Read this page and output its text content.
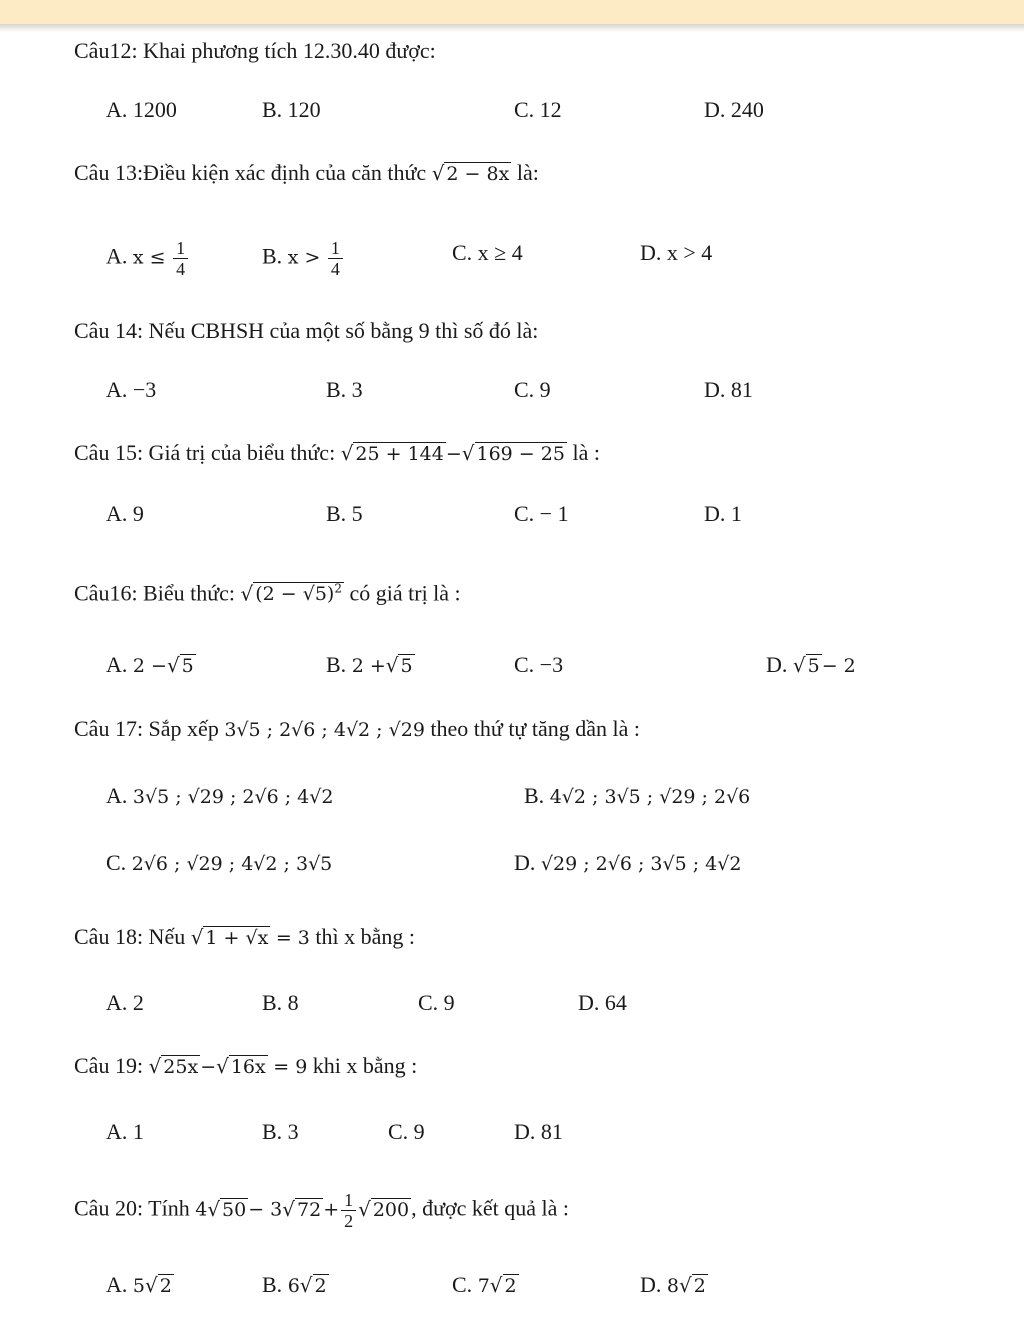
Câu12: Khai phương tích 12.30.40 được:
A. 1200	B. 120	C. 12	D. 240
Câu 13:Điều kiện xác định của căn thức √ 2 − 8x là:
A. $x \le \frac{1}{4}$	B. $x > \frac{1}{4}$	C. x ≥ 4	D. x > 4
Câu 14: Nếu CBHSH của một số bằng 9 thì số đó là:
A. −3	B. 3	C. 9	D. 81
Câu 15: Giá trị của biểu thức: √ 25 + 144 −√ 169 − 25 là :
A. 9	B. 5	C. − 1	D. 1
Câu16: Biểu thức: √ $(2 - √5)^2$ có giá trị là :
A. 2 −√ 5	B. 2 +√ 5	C. −3	D. √ 5 − 2
Câu 17: Sắp xếp 3√5 ; 2√6 ; 4√2 ; √29 theo thứ tự tăng dần là :
A. 3√5 ; √29 ; 2√6 ; 4√2	B. 4√2 ; 3√5 ; √29 ; 2√6
C. 2√6 ; √29 ; 4√2 ; 3√5	D. √29 ; 2√6 ; 3√5 ; 4√2
Câu 18: Nếu √ 1 + √x = 3 thì x bằng :
A. 2	B. 8	C. 9	D. 64
Câu 19: √ 25x −√ 16x = 9 khi x bằng :
A. 1	B. 3	C. 9	D. 81
Câu 20: Tính 4√ 50 − 3√ $72 + \frac{1}{2}$ √ 200, được kết quả là :
A. 5√ 2	B. 6√ 2	C. 7√ 2	D. 8√ 2
